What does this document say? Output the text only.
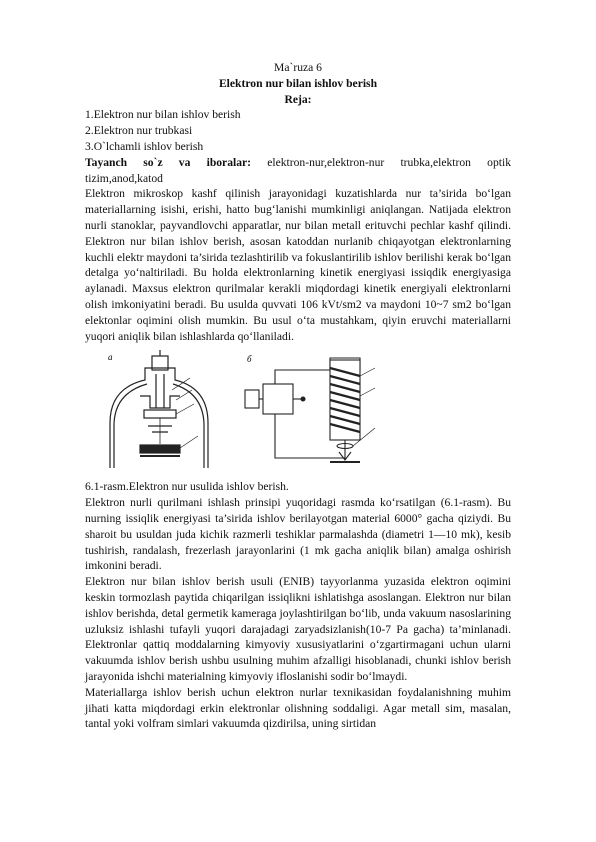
Ma`ruza 6
Elektron nur bilan ishlov berish
Reja:
1.Elektron nur bilan ishlov berish
2.Elektron nur trubkasi
3.O`lchamli ishlov berish

Tayanch so`z va iboralar: elektron-nur,elektron-nur trubka,elektron optik tizim,anod,katod

Elektron mikroskop kashf qilinish jarayonidagi kuzatishlarda nur ta’sirida bo‘lgan materiallarning isishi, erishi, hatto bug‘lanishi mumkinligi aniqlangan. Natijada elektron nurli stanoklar, payvandlovchi apparatlar, nur bilan metall erituvchi pechlar kashf qilindi. Elektron nur bilan ishlov berish, asosan katoddan nurlanib chiqayotgan elektronlarning kuchli elektr maydoni ta’sirida tezlashtirilib va fokuslantirilib ishlov berilishi kerak bo‘lgan detalga yo‘naltiriladi. Bu holda elektronlarning kinetik energiyasi issiqdik energiyasiga aylanadi. Maxsus elektron qurilmalar kerakli miqdordagi kinetik energiyali elektronlarni olish imkoniyatini beradi. Bu usulda quvvati 106 kVt/sm2 va maydoni 10~7 sm2 bo‘lgan elektonlar oqimini olish mumkin. Bu usul o‘ta mustahkam, qiyin eruvchi materiallarni yuqori aniqlik bilan ishlashlarda qo‘llaniladi.

a	б
6.1-rasm.Elektron nur usulida ishlov berish.

Elektron nurli qurilmani ishlash prinsipi yuqoridagi rasmda ko‘rsatilgan (6.1-rasm). Bu nurning issiqlik energiyasi ta’sirida ishlov berilayotgan material 6000° gacha qiziydi. Bu sharoit bu usuldan juda kichik razmerli teshiklar parmalashda (diametri 1—10 mk), kesib tushirish, randalash, frezerlash jarayonlarini (1 mk gacha aniqlik bilan) amalga oshirish imkonini beradi.

Elektron nur bilan ishlov berish usuli (ENIB) tayyorlanma yuzasida elektron oqimini keskin tormozlash paytida chiqarilgan issiqlikni ishlatishga asoslangan. Elektron nur bilan ishlov berishda, detal germetik kameraga joylashtirilgan bo‘lib, unda vakuum nasoslarining uzluksiz ishlashi tufayli yuqori darajadagi zaryadsizlanish(10-7 Pa gacha) ta’minlanadi. Elektronlar qattiq moddalarning kimyoviy xususiyatlarini o‘zgartirmagani uchun ularni vakuumda ishlov berish ushbu usulning muhim afzalligi hisoblanadi, chunki ishlov berish jarayonida ishchi materialning kimyoviy ifloslanishi sodir bo‘lmaydi.

Materiallarga ishlov berish uchun elektron nurlar texnikasidan foydalanishning muhim jihati katta miqdordagi erkin elektronlar olishning soddaligi. Agar metall sim, masalan, tantal yoki volfram simlari vakuumda qizdirilsa, uning sirtidan
